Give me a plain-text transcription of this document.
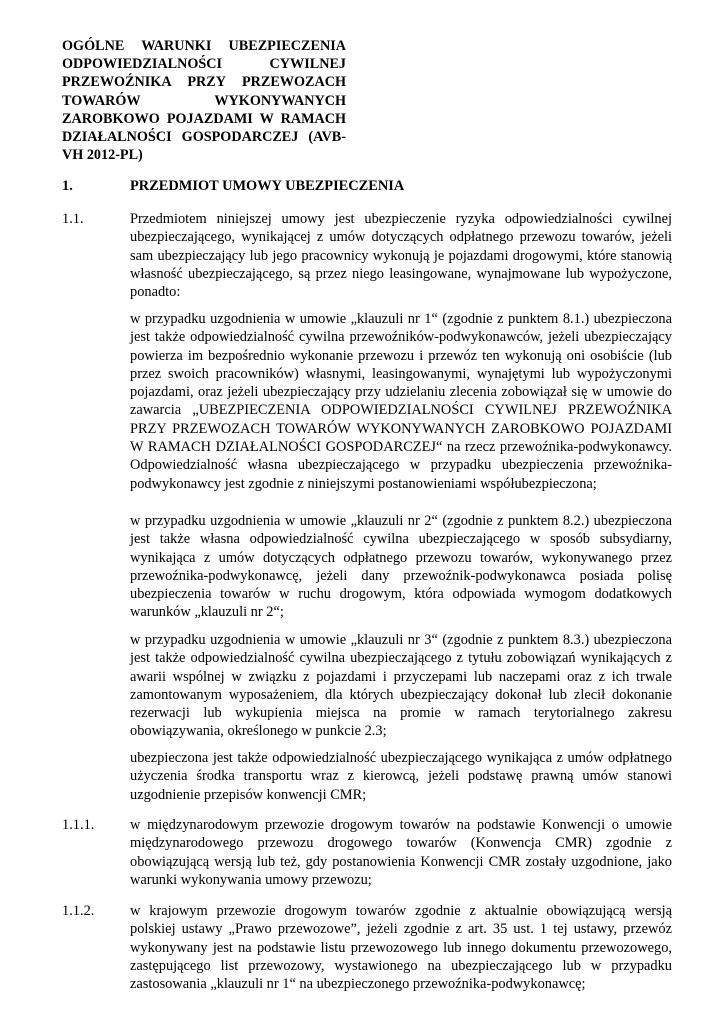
OGÓLNE WARUNKI UBEZPIECZENIA ODPOWIEDZIALNOŚCI CYWILNEJ PRZEWOŹNIKA PRZY PRZEWOZACH TOWARÓW WYKONYWANYCH ZAROBKOWO POJAZDAMI W RAMACH DZIAŁALNOŚCI GOSPODARCZEJ (AVB-VH 2012-PL)
1.	PRZEDMIOT UMOWY UBEZPIECZENIA
1.1.	Przedmiotem niniejszej umowy jest ubezpieczenie ryzyka odpowiedzialności cywilnej ubezpieczającego, wynikającej z umów dotyczących odpłatnego przewozu towarów, jeżeli sam ubezpieczający lub jego pracownicy wykonują je pojazdami drogowymi, które stanowią własność ubezpieczającego, są przez niego leasingowane, wynajmowane lub wypożyczone, ponadto:
w przypadku uzgodnienia w umowie „klauzuli nr 1“ (zgodnie z punktem 8.1.) ubezpieczona jest także odpowiedzialność cywilna przewoźników-podwykonawców, jeżeli ubezpieczający powierza im bezpośrednio wykonanie przewozu i przewóz ten wykonują oni osobiście (lub przez swoich pracowników) własnymi, leasingowanymi, wynajętymi lub wypożyczonymi pojazdami, oraz jeżeli ubezpieczający przy udzielaniu zlecenia zobowiązał się w umowie do zawarcia „UBEZPIECZENIA ODPOWIEDZIALNOŚCI CYWILNEJ PRZEWOŹNIKA PRZY PRZEWOZACH TOWARÓW WYKONYWANYCH ZAROBKOWO POJAZDAMI W RAMACH DZIAŁALNOŚCI GOSPODARCZEJ“ na rzecz przewoźnika-podwykonawcy. Odpowiedzialność własna ubezpieczającego w przypadku ubezpieczenia przewoźnika-podwykonawcy jest zgodnie z niniejszymi postanowieniami współubezpieczona;
w przypadku uzgodnienia w umowie „klauzuli nr 2“ (zgodnie z punktem 8.2.) ubezpieczona jest także własna odpowiedzialność cywilna ubezpieczającego w sposób subsydiarny, wynikająca z umów dotyczących odpłatnego przewozu towarów, wykonywanego przez przewoźnika-podwykonawcę, jeżeli dany przewoźnik-podwykonawca posiada polisę ubezpieczenia towarów w ruchu drogowym, która odpowiada wymogom dodatkowych warunków „klauzuli nr 2“;
w przypadku uzgodnienia w umowie „klauzuli nr 3“ (zgodnie z punktem 8.3.) ubezpieczona jest także odpowiedzialność cywilna ubezpieczającego z tytułu zobowiązań wynikających z awarii wspólnej w związku z pojazdami i przyczepami lub naczepami oraz z ich trwale zamontowanym wyposażeniem, dla których ubezpieczający dokonał lub zlecił dokonanie rezerwacji lub wykupienia miejsca na promie w ramach terytorialnego zakresu obowiązywania, określonego w punkcie 2.3;
ubezpieczona jest także odpowiedzialność ubezpieczającego wynikająca z umów odpłatnego użyczenia środka transportu wraz z kierowcą, jeżeli podstawę prawną umów stanowi uzgodnienie przepisów konwencji CMR;
1.1.1. w międzynarodowym przewozie drogowym towarów na podstawie Konwencji o umowie międzynarodowego przewozu drogowego towarów (Konwencja CMR) zgodnie z obowiązującą wersją lub też, gdy postanowienia Konwencji CMR zostały uzgodnione, jako warunki wykonywania umowy przewozu;
1.1.2. w krajowym przewozie drogowym towarów zgodnie z aktualnie obowiązującą wersją polskiej ustawy „Prawo przewozowe”, jeżeli zgodnie z art. 35 ust. 1 tej ustawy, przewóz wykonywany jest na podstawie listu przewozowego lub innego dokumentu przewozowego, zastępującego list przewozowy, wystawionego na ubezpieczającego lub w przypadku zastosowania „klauzuli nr 1“ na ubezpieczonego przewoźnika-podwykonawcę;
